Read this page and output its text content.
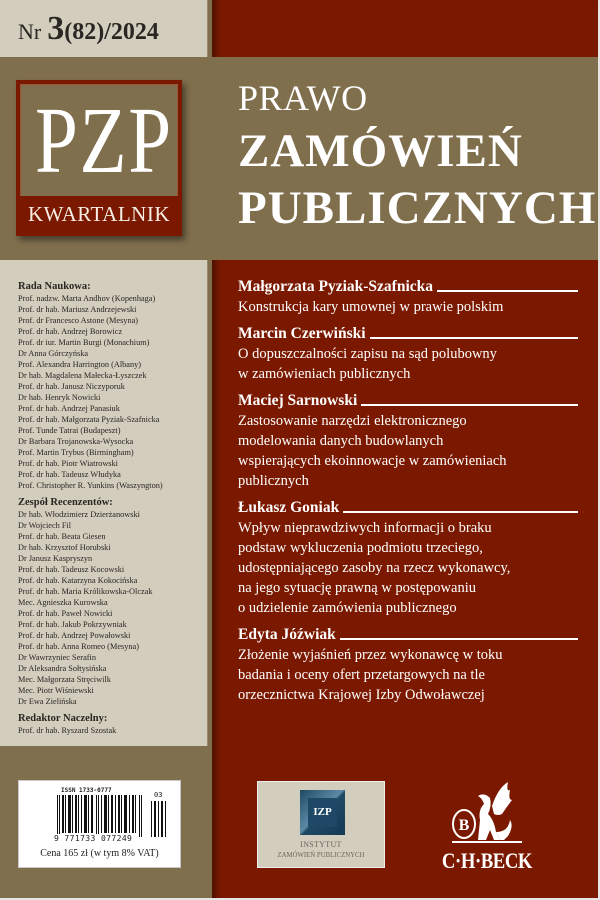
Nr 3(82)/2024
PZP
KWARTALNIK
PRAWO
ZAMÓWIEŃ
PUBLICZNYCH
Rada Naukowa:
Prof. nadzw. Marta Andhov (Kopenhaga)
Prof. dr hab. Mariusz Andrzejewski
Prof. dr Francesco Astone (Mesyna)
Prof. dr hab. Andrzej Borowicz
Prof. dr iur. Martin Burgi (Monachium)
Dr Anna Górczyńska
Prof. Alexandra Harrington (Albany)
Dr hab. Magdalena Małecka-Łyszczek
Prof. dr hab. Janusz Niczyporuk
Dr hab. Henryk Nowicki
Prof. dr hab. Andrzej Panasiuk
Prof. dr hab. Małgorzata Pyziak-Szafnicka
Prof. Tunde Tatrai (Budapeszt)
Dr Barbara Trojanowska-Wysocka
Prof. Martin Trybus (Birmingham)
Prof. dr hab. Piotr Wiatrowski
Prof. dr hab. Tadeusz Włudyka
Prof. Christopher R. Yunkins (Waszyngton)
Zespół Recenzentów:
Dr hab. Włodzimierz Dzierżanowski
Dr Wojciech Fil
Prof. dr hab. Beata Giesen
Dr hab. Krzysztof Horubski
Dr Janusz Kaspryszyn
Prof. dr hab. Tadeusz Kocowski
Prof. dr hab. Katarzyna Kokocińska
Prof. dr hab. Maria Królikowska-Olczak
Mec. Agnieszka Kurowska
Prof. dr hab. Paweł Nowicki
Prof. dr hab. Jakub Pokrzywniak
Prof. dr hab. Andrzej Powałowski
Prof. dr hab. Anna Romeo (Mesyna)
Dr Wawrzyniec Serafin
Dr Aleksandra Sołtysińska
Mec. Małgorzata Stręciwilk
Mec. Piotr Wiśniewski
Dr Ewa Zielińska
Redaktor Naczelny:
Prof. dr hab. Ryszard Szostak
Małgorzata Pyziak-Szafnicka
Konstrukcja kary umownej w prawie polskim
Marcin Czerwiński
O dopuszczalności zapisu na sąd polubowny
w zamówieniach publicznych
Maciej Sarnowski
Zastosowanie narzędzi elektronicznego
modelowania danych budowlanych
wspierających ekoinnowacje w zamówieniach
publicznych
Łukasz Goniak
Wpływ nieprawdziwych informacji o braku
podstaw wykluczenia podmiotu trzeciego,
udostępniającego zasoby na rzecz wykonawcy,
na jego sytuację prawną w postępowaniu
o udzielenie zamówienia publicznego
Edyta Jóźwiak
Złożenie wyjaśnień przez wykonawcę w toku
badania i oceny ofert przetargowych na tle
orzecznictwa Krajowej Izby Odwoławczej
ISSN 1733-0777
03
9 771733 077249
Cena 165 zł (w tym 8% VAT)
IZP
INSTYTUT
ZAMÓWIEŃ PUBLICZNYCH
B
C·H·BECK
